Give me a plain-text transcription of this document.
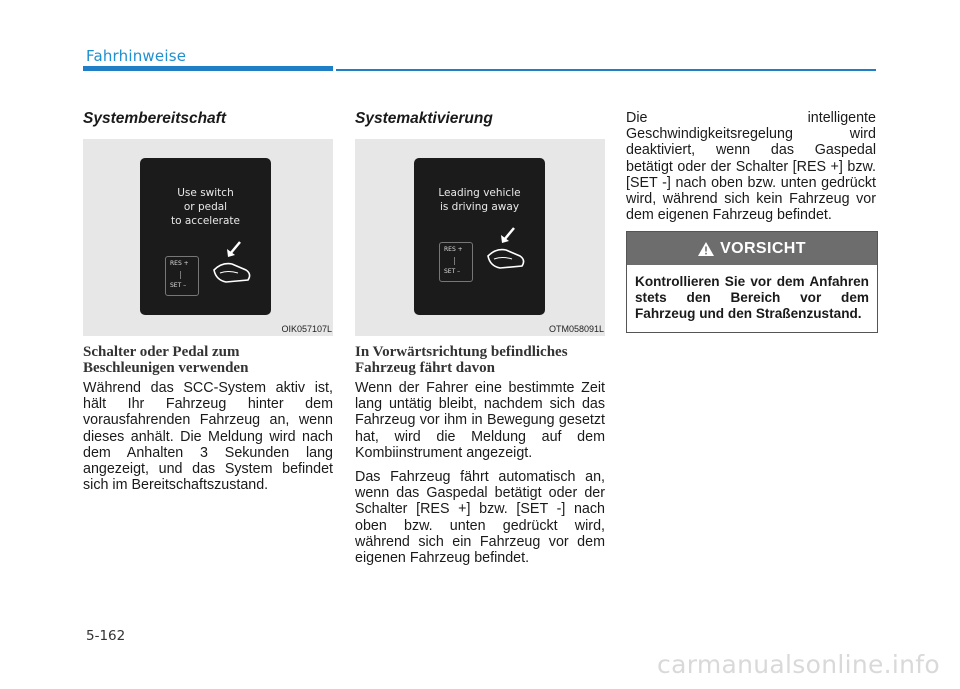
Fahrhinweise
Systembereitschaft
Use switch
or pedal
to accelerate
RES +
SET –
OIK057107L
Schalter oder Pedal zum Beschleunigen verwenden

Während das SCC-System aktiv ist, hält Ihr Fahrzeug hinter dem vorausfahrenden Fahrzeug an, wenn dieses anhält. Die Meldung wird nach dem Anhalten 3 Sekunden lang angezeigt, und das System befindet sich im Bereitschaftszustand.

Systemaktivierung
Leading vehicle
is driving away
RES +
SET –
OTM058091L
In Vorwärtsrichtung befindliches Fahrzeug fährt davon

Wenn der Fahrer eine bestimmte Zeit lang untätig bleibt, nachdem sich das Fahrzeug vor ihm in Bewegung gesetzt hat, wird die Meldung auf dem Kombiinstrument angezeigt.

Das Fahrzeug fährt automatisch an, wenn das Gaspedal betätigt oder der Schalter [RES +] bzw. [SET -] nach oben bzw. unten gedrückt wird, während sich ein Fahrzeug vor dem eigenen Fahrzeug befindet.

Die intelligente Geschwindigkeitsregelung wird deaktiviert, wenn das Gaspedal betätigt oder der Schalter [RES +] bzw. [SET -] nach oben bzw. unten gedrückt wird, während sich kein Fahrzeug vor dem eigenen Fahrzeug befindet.

VORSICHT
Kontrollieren Sie vor dem Anfahren stets den Bereich vor dem Fahrzeug und den Straßenzustand.
5-162
carmanualsonline.info
